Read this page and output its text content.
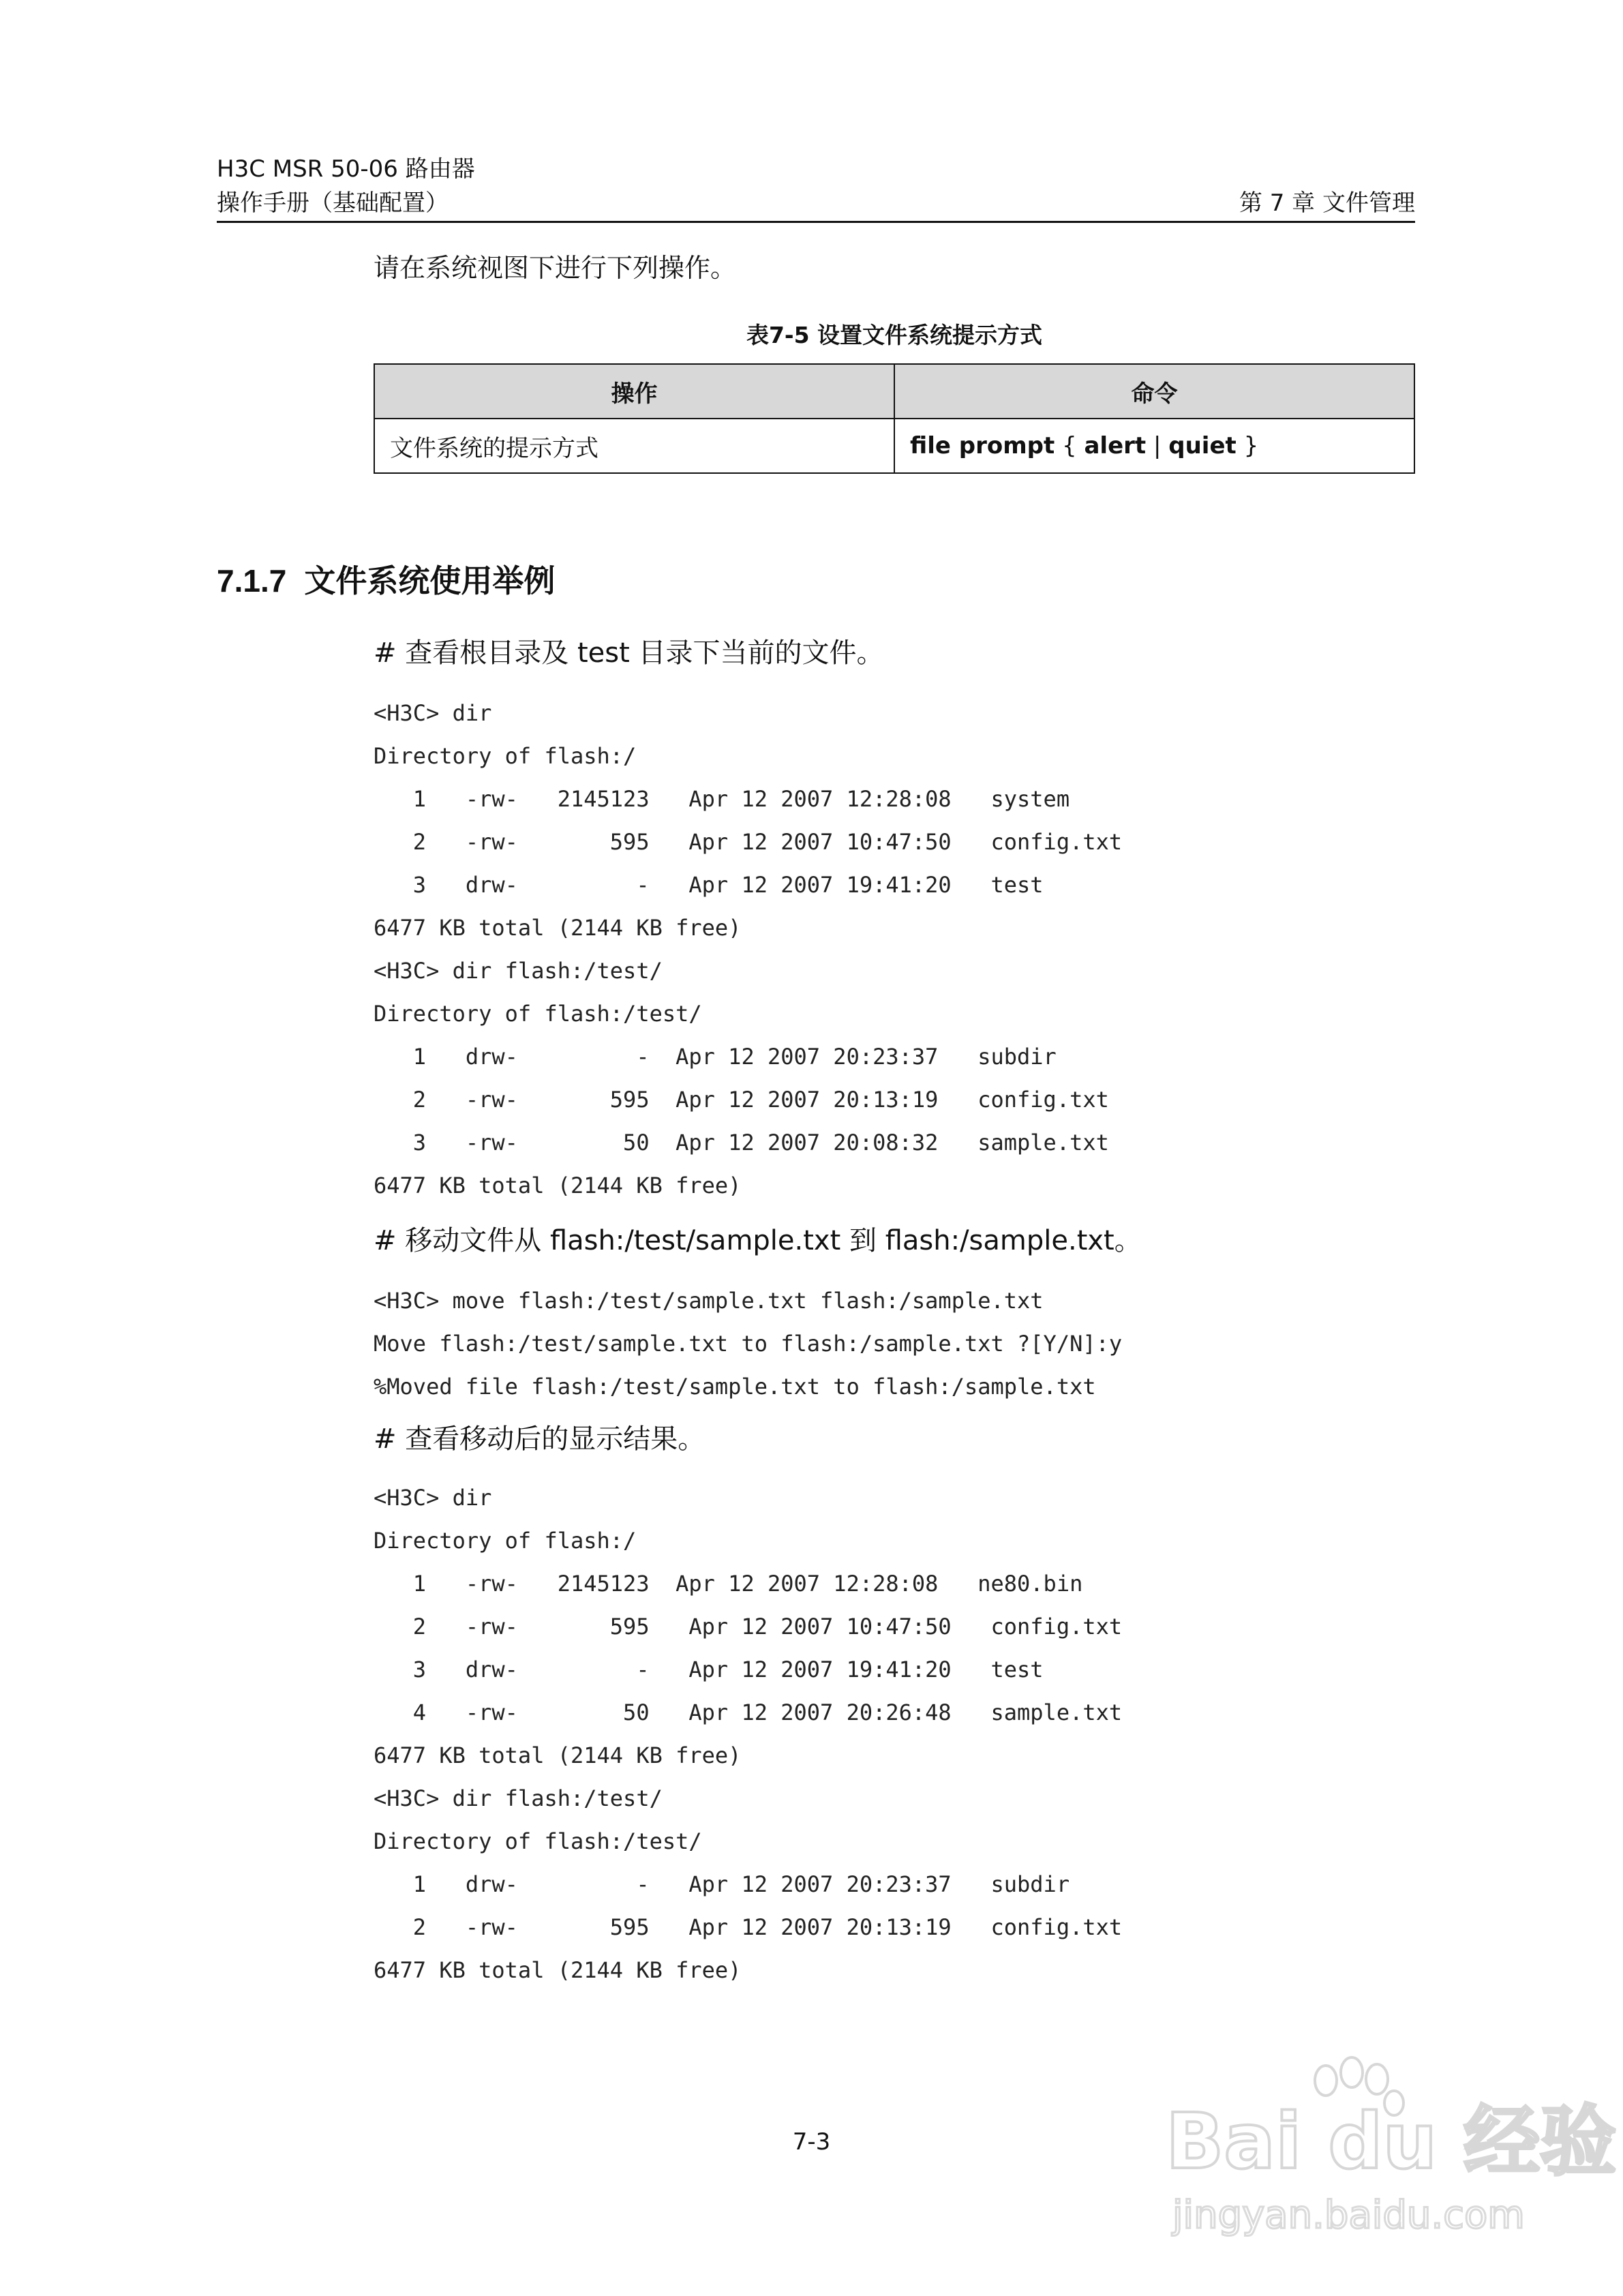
H3C MSR 50-06 路由器
操作手册（基础配置）	第 7 章 文件管理
请在系统视图下进行下列操作。
表7-5 设置文件系统提示方式
操作	命令
文件系统的提示方式	file prompt { alert | quiet }
7.1.7 文件系统使用举例
# 查看根目录及 test 目录下当前的文件。
<H3C> dir
Directory of flash:/
1   -rw-   2145123   Apr 12 2007 12:28:08   system
2   -rw-       595   Apr 12 2007 10:47:50   config.txt
3   drw-         -   Apr 12 2007 19:41:20   test
6477 KB total (2144 KB free)
<H3C> dir flash:/test/
Directory of flash:/test/
1   drw-         -  Apr 12 2007 20:23:37   subdir
2   -rw-       595  Apr 12 2007 20:13:19   config.txt
3   -rw-        50  Apr 12 2007 20:08:32   sample.txt
6477 KB total (2144 KB free)
# 移动文件从 flash:/test/sample.txt 到 flash:/sample.txt。
<H3C> move flash:/test/sample.txt flash:/sample.txt
Move flash:/test/sample.txt to flash:/sample.txt ?[Y/N]:y
%Moved file flash:/test/sample.txt to flash:/sample.txt
# 查看移动后的显示结果。
<H3C> dir
Directory of flash:/
1   -rw-   2145123  Apr 12 2007 12:28:08   ne80.bin
2   -rw-       595   Apr 12 2007 10:47:50   config.txt
3   drw-         -   Apr 12 2007 19:41:20   test
4   -rw-        50   Apr 12 2007 20:26:48   sample.txt
6477 KB total (2144 KB free)
<H3C> dir flash:/test/
Directory of flash:/test/
1   drw-         -   Apr 12 2007 20:23:37   subdir
2   -rw-       595   Apr 12 2007 20:13:19   config.txt
6477 KB total (2144 KB free)
7-3	Bai du 经验
jingyan.baidu.com
